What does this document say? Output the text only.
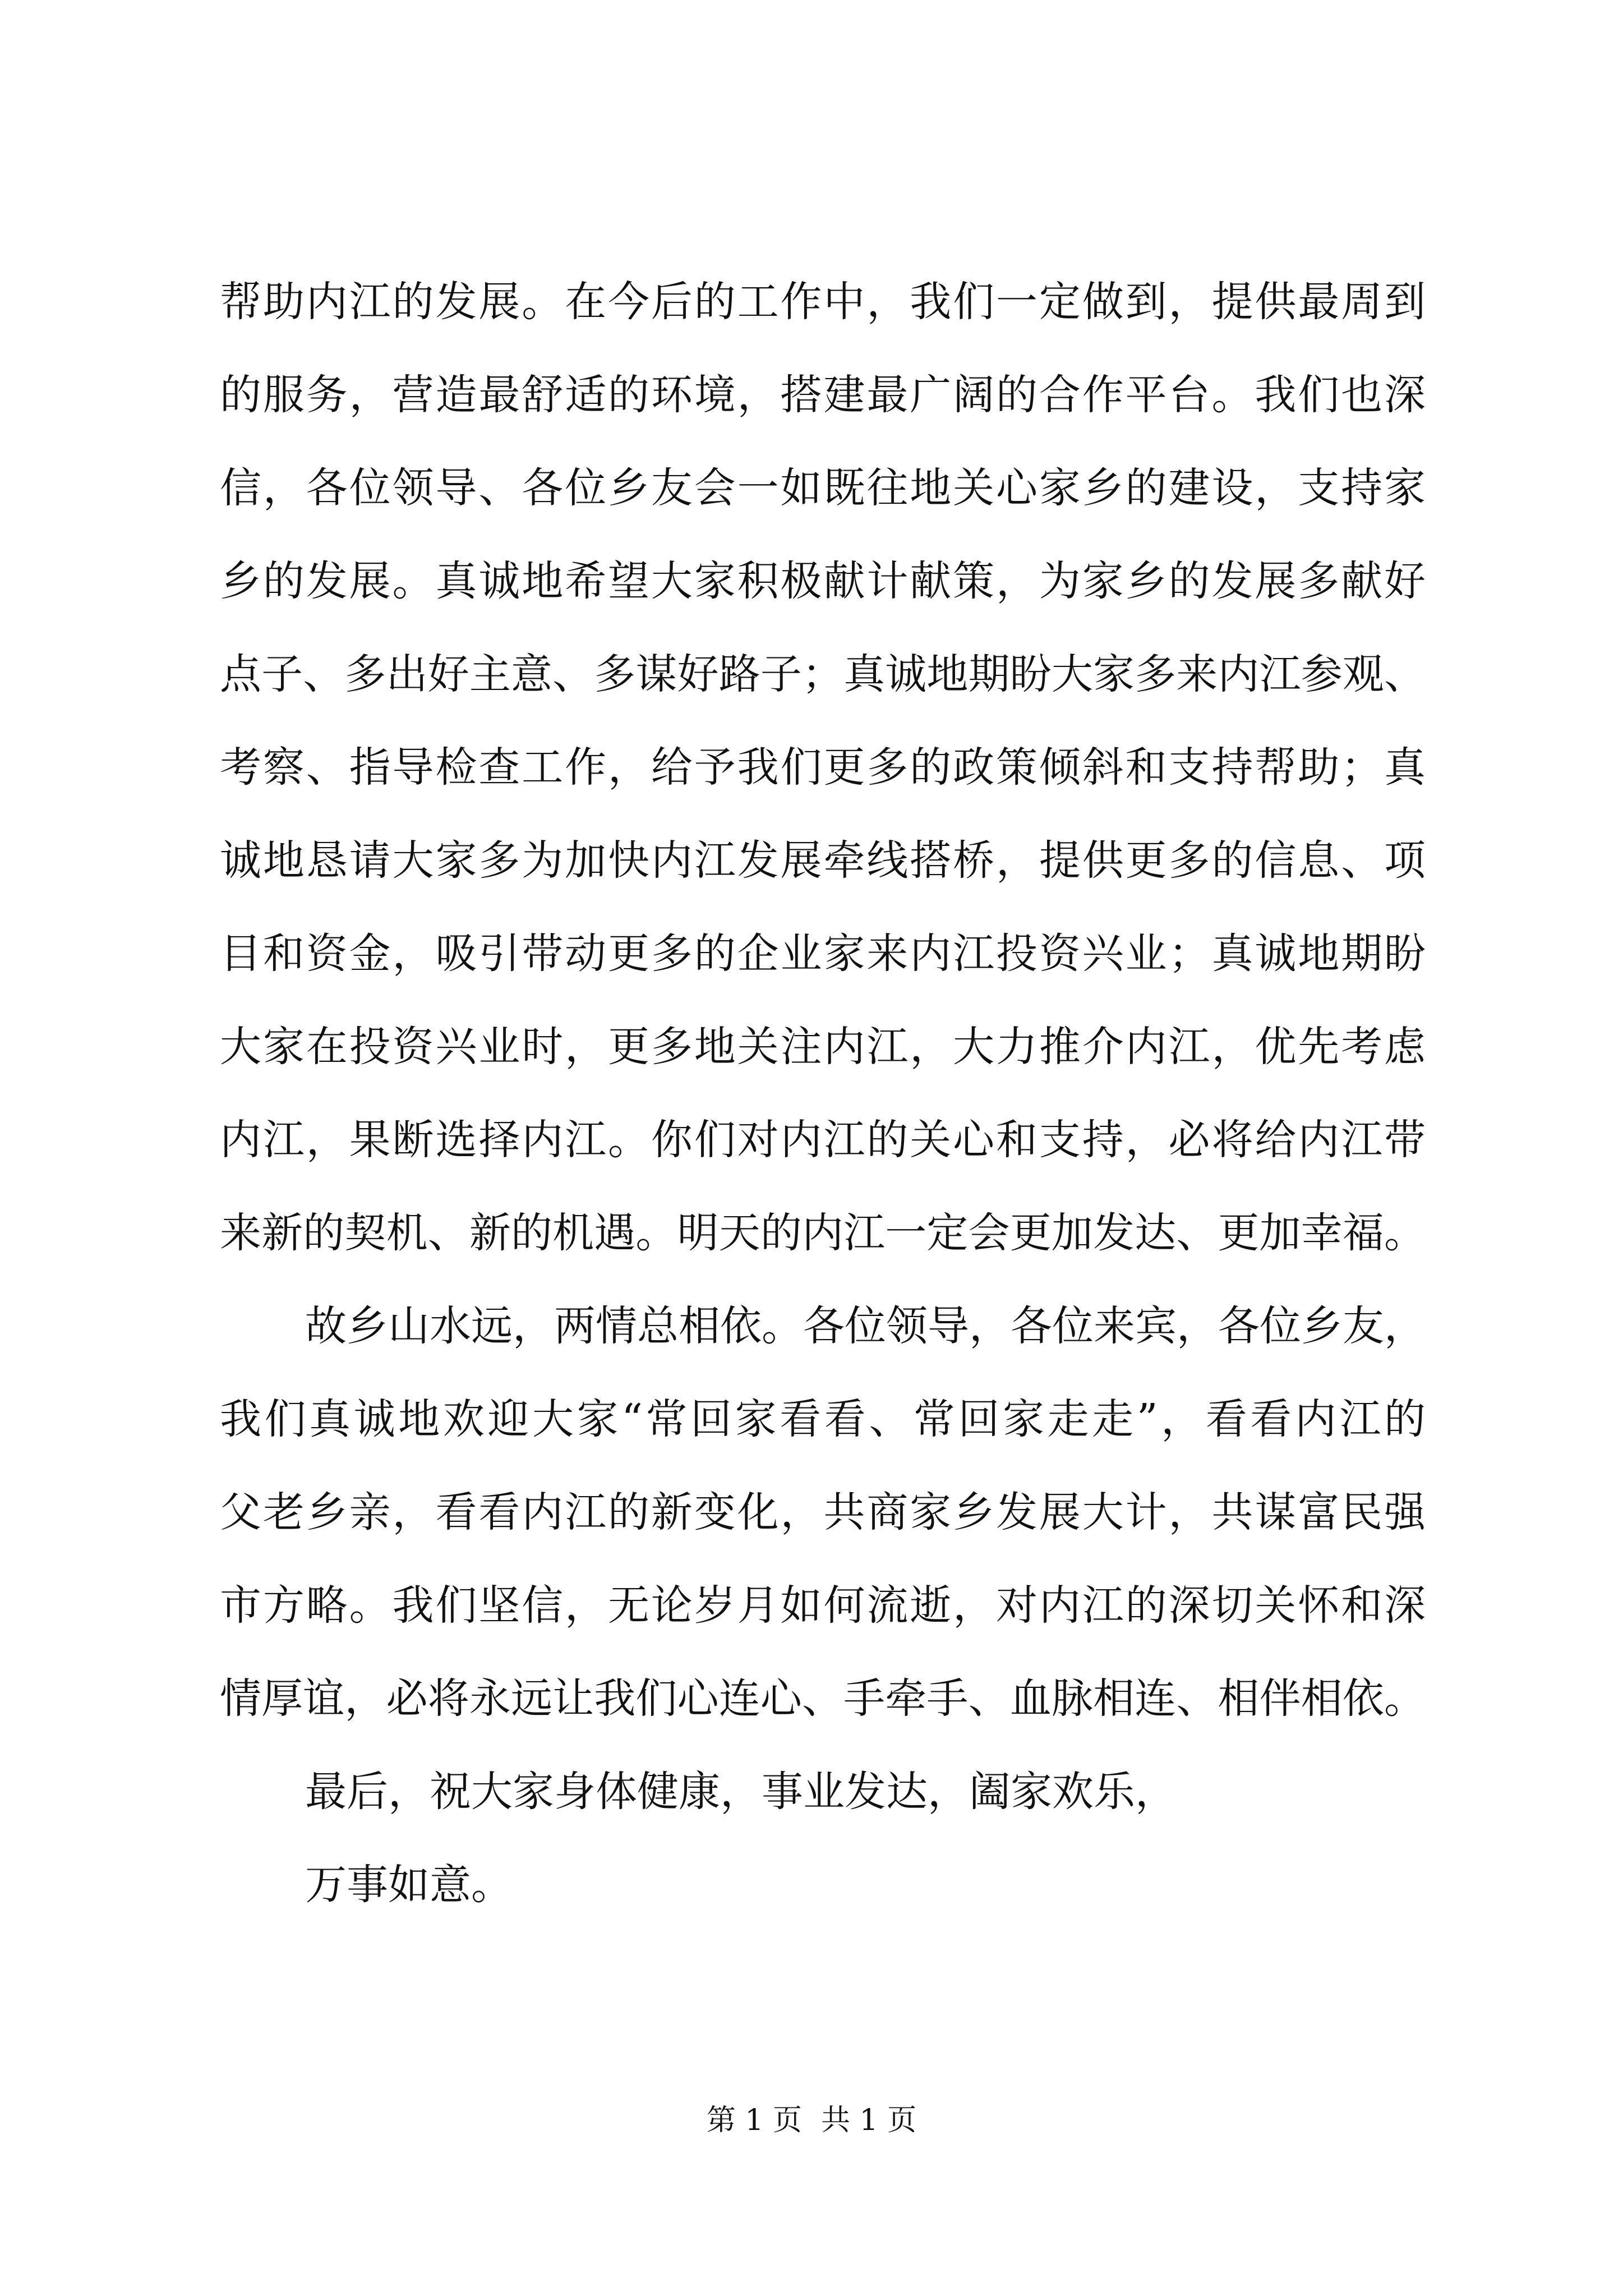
帮助内江的发展。在今后的工作中，我们一定做到，提供最周到
的服务，营造最舒适的环境，搭建最广阔的合作平台。我们也深
信，各位领导、各位乡友会一如既往地关心家乡的建设，支持家
乡的发展。真诚地希望大家积极献计献策，为家乡的发展多献好
点子、多出好主意、多谋好路子；真诚地期盼大家多来内江参观、
考察、指导检查工作，给予我们更多的政策倾斜和支持帮助；真
诚地恳请大家多为加快内江发展牵线搭桥，提供更多的信息、项
目和资金，吸引带动更多的企业家来内江投资兴业；真诚地期盼
大家在投资兴业时，更多地关注内江，大力推介内江，优先考虑
内江，果断选择内江。你们对内江的关心和支持，必将给内江带
来新的契机、新的机遇。明天的内江一定会更加发达、更加幸福。
故乡山水远，两情总相依。各位领导，各位来宾，各位乡友，
我们真诚地欢迎大家“常回家看看、常回家走走”，看看内江的
父老乡亲，看看内江的新变化，共商家乡发展大计，共谋富民强
市方略。我们坚信，无论岁月如何流逝，对内江的深切关怀和深
情厚谊，必将永远让我们心连心、手牵手、血脉相连、相伴相依。
最后，祝大家身体健康，事业发达，阖家欢乐，
万事如意。
第 1 页 共 1 页
